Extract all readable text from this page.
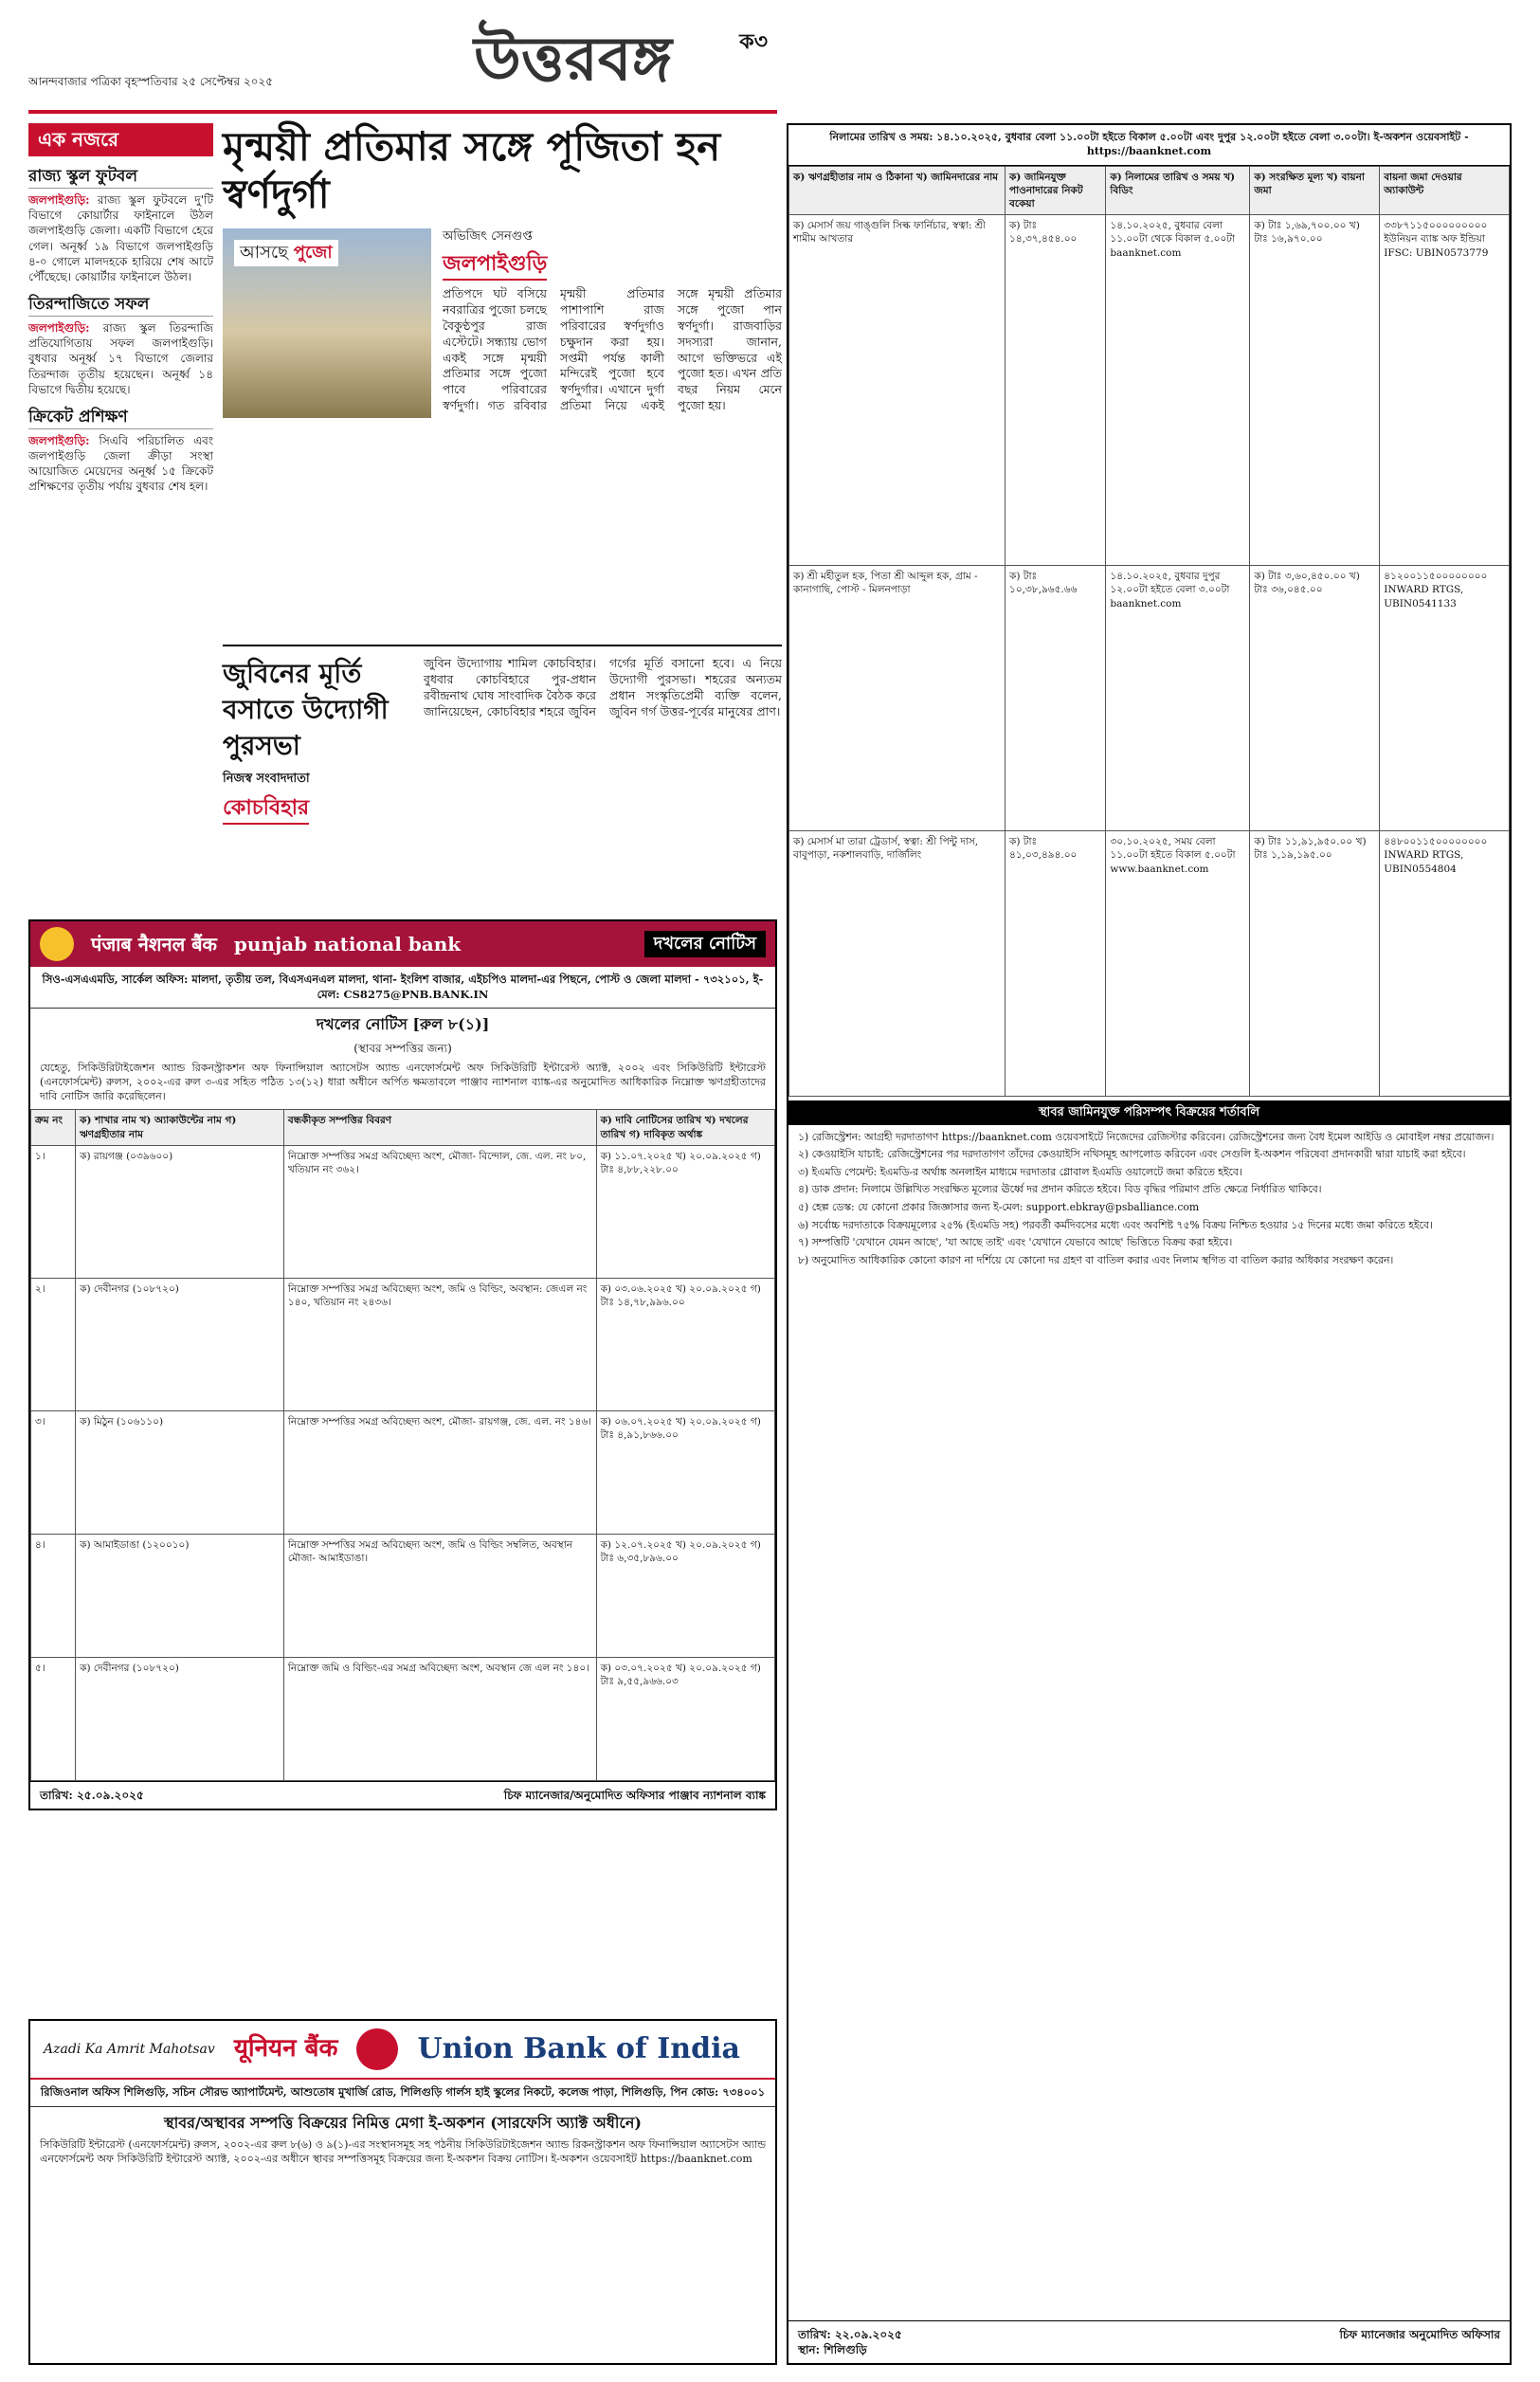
আনন্দবাজার পত্রিকা বৃহস্পতিবার ২৫ সেপ্টেম্বর ২০২৫	উত্তরবঙ্গ	ক৩
এক নজরে
রাজ্য স্কুল ফুটবল
জলপাইগুড়ি: রাজ্য স্কুল ফুটবলে দু'টি বিভাগে কোয়ার্টার ফাইনালে উঠল জলপাইগুড়ি জেলা। একটি বিভাগে হেরে গেল। অনূর্ধ্ব ১৯ বিভাগে জলপাইগুড়ি ৪-০ গোলে মালদহকে হারিয়ে শেষ আটে পৌঁছেছে। কোয়ার্টার ফাইনালে উঠল।
তিরন্দাজিতে সফল
জলপাইগুড়ি: রাজ্য স্কুল তিরন্দাজি প্রতিযোগিতায় সফল জলপাইগুড়ি। বুধবার অনূর্ধ্ব ১৭ বিভাগে জেলার তিরন্দাজ তৃতীয় হয়েছেন। অনূর্ধ্ব ১৪ বিভাগে দ্বিতীয় হয়েছে।
ক্রিকেট প্রশিক্ষণ
জলপাইগুড়ি: সিএবি পরিচালিত এবং জলপাইগুড়ি জেলা ক্রীড়া সংস্থা আয়োজিত মেয়েদের অনূর্ধ্ব ১৫ ক্রিকেট প্রশিক্ষণের তৃতীয় পর্যায় বুধবার শেষ হল।
মৃন্ময়ী প্রতিমার সঙ্গে পূজিতা হন স্বর্ণদুর্গা
আসছে পুজো
অভিজিৎ সেনগুপ্ত
জলপাইগুড়ি
প্রতিপদে ঘট বসিয়ে নবরাত্রির পুজো চলছে বৈকুণ্ঠপুর রাজ এস্টেটে। সন্ধ্যায় ভোগ একই সঙ্গে মৃন্ময়ী প্রতিমার সঙ্গে পুজো পাবে পরিবারের স্বর্ণদুর্গা। গত রবিবার মৃন্ময়ী প্রতিমার পাশাপাশি রাজ পরিবারের স্বর্ণদুর্গাও চক্ষুদান করা হয়। সপ্তমী পর্যন্ত কালী মন্দিরেই পুজো হবে স্বর্ণদুর্গার। এখানে দুর্গা প্রতিমা নিয়ে একই সঙ্গে মৃন্ময়ী প্রতিমার সঙ্গে পুজো পান স্বর্ণদুর্গা। রাজবাড়ির সদস্যরা জানান, আগে ভক্তিভরে এই পুজো হত। এখন প্রতি বছর নিয়ম মেনে পুজো হয়।
জুবিনের মূর্তি বসাতে উদ্যোগী পুরসভা
নিজস্ব সংবাদদাতা
কোচবিহার
জুবিন উদ্যোগায় শামিল কোচবিহার। বুধবার কোচবিহারে পুর-প্রধান রবীন্দ্রনাথ ঘোষ সাংবাদিক বৈঠক করে জানিয়েছেন, কোচবিহার শহরে জুবিন গর্গের মূর্তি বসানো হবে। এ নিয়ে উদ্যোগী পুরসভা। শহরের অন্যতম প্রধান সংস্কৃতিপ্রেমী ব্যক্তি বলেন, জুবিন গর্গ উত্তর-পূর্বের মানুষের প্রাণ।
पंजाब नैशनल बैंक punjab national bank	দখলের নোটিস
সিও-এসএএমডি, সার্কেল অফিস: মালদা, তৃতীয় তল, বিএসএনএল মালদা, থানা- ইংলিশ বাজার, এইচপিও মালদা-এর পিছনে, পোস্ট ও জেলা মালদা - ৭৩২১০১, ই-মেল: CS8275@PNB.BANK.IN
দখলের নোটিস [রুল ৮(১)]
(স্থাবর সম্পত্তির জন্য)
যেহেতু, সিকিউরিটাইজেশন অ্যান্ড রিকনস্ট্রাকশন অফ ফিনান্সিয়াল অ্যাসেটস অ্যান্ড এনফোর্সমেন্ট অফ সিকিউরিটি ইন্টারেস্ট অ্যাক্ট, ২০০২ এবং সিকিউরিটি ইন্টারেস্ট (এনফোর্সমেন্ট) রুলস, ২০০২-এর রুল ৩-এর সহিত পঠিত ১৩(১২) ধারা অধীনে অর্পিত ক্ষমতাবলে পাঞ্জাব ন্যাশনাল ব্যাঙ্ক-এর অনুমোদিত আধিকারিক নিম্নোক্ত ঋণগ্রহীতাদের দাবি নোটিস জারি করেছিলেন।
ক্রম নং	ক) শাখার নাম খ) অ্যাকাউন্টের নাম গ) ঋণগ্রহীতার নাম	বন্ধকীকৃত সম্পত্তির বিবরণ	ক) দাবি নোটিসের তারিখ খ) দখলের তারিখ গ) দাবিকৃত অর্থাঙ্ক
১।	ক) রায়গঞ্জ (০৩৯৬০০)	নিম্নোক্ত সম্পত্তির সমগ্র অবিচ্ছেদ্য অংশ, মৌজা- বিন্দোল, জে. এল. নং ৮০, খতিয়ান নং ৩৬২।	ক) ১১.০৭.২০২৫ খ) ২০.০৯.২০২৫ গ) টাঃ ৪,৮৮,২২৮.০০
২।	ক) দেবীনগর (১০৮৭২০)	নিম্নোক্ত সম্পত্তির সমগ্র অবিচ্ছেদ্য অংশ, জমি ও বিল্ডিং, অবস্থান: জেএল নং ১৪০, খতিয়ান নং ২৪৩৬।	ক) ০৩.০৬.২০২৫ খ) ২০.০৯.২০২৫ গ) টাঃ ১৪,৭৮,৯৯৬.০০
৩।	ক) মিঠুন (১০৬১১০)	নিম্নোক্ত সম্পত্তির সমগ্র অবিচ্ছেদ্য অংশ, মৌজা- রায়গঞ্জ, জে. এল. নং ১৪৬।	ক) ০৬.০৭.২০২৫ খ) ২০.০৯.২০২৫ গ) টাঃ ৪,৯১,৮৬৬.০০
৪।	ক) আমাইডাঙা (১২০০১০)	নিম্নোক্ত সম্পত্তির সমগ্র অবিচ্ছেদ্য অংশ, জমি ও বিল্ডিং সম্বলিত, অবস্থান মৌজা- আমাইডাঙা।	ক) ১২.০৭.২০২৫ খ) ২০.০৯.২০২৫ গ) টাঃ ৬,৩৫,৮৯৬.০০
৫।	ক) দেবীনগর (১০৮৭২০)	নিম্নোক্ত জমি ও বিল্ডিং-এর সমগ্র অবিচ্ছেদ্য অংশ, অবস্থান জে এল নং ১৪০।	ক) ০৩.০৭.২০২৫ খ) ২০.০৯.২০২৫ গ) টাঃ ৯,৫৫,৯৬৬.০৩
তারিখ: ২৫.০৯.২০২৫	চিফ ম্যানেজার/অনুমোদিত অফিসার পাঞ্জাব ন্যাশনাল ব্যাঙ্ক
Azadi Ka Amrit Mahotsav यूनियन बैंक	Union Bank of India
রিজিওনাল অফিস শিলিগুড়ি, সচিন সৌরভ অ্যাপার্টমেন্ট, আশুতোষ মুখার্জি রোড, শিলিগুড়ি গার্লস হাই স্কুলের নিকটে, কলেজ পাড়া, শিলিগুড়ি, পিন কোড: ৭৩৪০০১
স্থাবর/অস্থাবর সম্পত্তি বিক্রয়ের নিমিত্ত মেগা ই-অকশন (সারফেসি অ্যাক্ট অধীনে)
সিকিউরিটি ইন্টারেস্ট (এনফোর্সমেন্ট) রুলস, ২০০২-এর রুল ৮(৬) ও ৯(১)-এর সংস্থানসমূহ সহ পঠনীয় সিকিউরিটাইজেশন অ্যান্ড রিকনস্ট্রাকশন অফ ফিনান্সিয়াল অ্যাসেটস অ্যান্ড এনফোর্সমেন্ট অফ সিকিউরিটি ইন্টারেস্ট অ্যাক্ট, ২০০২-এর অধীনে স্থাবর সম্পত্তিসমূহ বিক্রয়ের জন্য ই-অকশন বিক্রয় নোটিস। ই-অকশন ওয়েবসাইট https://baanknet.com
নিলামের তারিখ ও সময়: ১৪.১০.২০২৫, বুধবার বেলা ১১.০০টা হইতে বিকাল ৫.০০টা এবং দুপুর ১২.০০টা হইতে বেলা ৩.০০টা। ই-অকশন ওয়েবসাইট - https://baanknet.com
ক) ঋণগ্রহীতার নাম ও ঠিকানা খ) জামিনদারের নাম	ক) জামিনযুক্ত পাওনাদারের নিকট বকেয়া	ক) নিলামের তারিখ ও সময় খ) বিডিং	ক) সংরক্ষিত মূল্য খ) বায়না জমা	বায়না জমা দেওয়ার অ্যাকাউন্ট
ক) মেসার্স জয় গাঙ্গুলি সিল্ক ফার্নিচার, স্বত্বা: শ্রী শামীম আখতার	ক) টাঃ ১৪,৩৭,৪৫৪.০০	১৪.১০.২০২৫, বুধবার বেলা ১১.০০টা থেকে বিকাল ৫.০০টা baanknet.com	ক) টাঃ ১,৬৯,৭০০.০০ খ) টাঃ ১৬,৯৭০.০০	৩৩৮৭১১৫০০০০০০০০০ ইউনিয়ন ব্যাঙ্ক অফ ইন্ডিয়া IFSC: UBIN0573779
ক) শ্রী মহীতুল হক, পিতা শ্রী আব্দুল হক, গ্রাম - কানাগাছি, পোস্ট - মিলনপাড়া	ক) টাঃ ১০,৩৮,৯৬৫.৬৬	১৪.১০.২০২৫, বুধবার দুপুর ১২.০০টা হইতে বেলা ৩.০০টা baanknet.com	ক) টাঃ ৩,৬০,৪৫০.০০ খ) টাঃ ৩৬,০৪৫.০০	৪১২০০১১৫০০০০০০০০ INWARD RTGS, UBIN0541133
ক) মেসার্স মা তারা ট্রেডার্স, স্বত্বা: শ্রী পিন্টু দাস, বাবুপাড়া, নকশালবাড়ি, দার্জিলিং	ক) টাঃ ৪১,০৩,৪৯৪.০০	৩০.১০.২০২৫, সময় বেলা ১১.০০টা হইতে বিকাল ৫.০০টা www.baanknet.com	ক) টাঃ ১১,৯১,৯৫০.০০ খ) টাঃ ১,১৯,১৯৫.০০	৪৪৮০০১১৫০০০০০০০০ INWARD RTGS, UBIN0554804
স্থাবর জামিনযুক্ত পরিসম্পৎ বিক্রয়ের শর্তাবলি

১) রেজিস্ট্রেশন: আগ্রহী দরদাতাগণ https://baanknet.com ওয়েবসাইটে নিজেদের রেজিস্টার করিবেন। রেজিস্ট্রেশনের জন্য বৈধ ইমেল আইডি ও মোবাইল নম্বর প্রয়োজন।

২) কেওয়াইসি যাচাই: রেজিস্ট্রেশনের পর দরদাতাগণ তাঁদের কেওয়াইসি নথিসমূহ আপলোড করিবেন এবং সেগুলি ই-অকশন পরিষেবা প্রদানকারী দ্বারা যাচাই করা হইবে।

৩) ইএমডি পেমেন্ট: ইএমডি-র অর্থাঙ্ক অনলাইন মাধ্যমে দরদাতার গ্লোবাল ইএমডি ওয়ালেটে জমা করিতে হইবে।

৪) ডাক প্রদান: নিলামে উল্লিখিত সংরক্ষিত মূল্যের ঊর্ধ্বে দর প্রদান করিতে হইবে। বিড বৃদ্ধির পরিমাণ প্রতি ক্ষেত্রে নির্ধারিত থাকিবে।

৫) হেল্প ডেস্ক: যে কোনো প্রকার জিজ্ঞাসার জন্য ই-মেল: support.ebkray@psballiance.com

৬) সর্বোচ্চ দরদাতাকে বিক্রয়মূল্যের ২৫% (ইএমডি সহ) পরবর্তী কর্মদিবসের মধ্যে এবং অবশিষ্ট ৭৫% বিক্রয় নিশ্চিত হওয়ার ১৫ দিনের মধ্যে জমা করিতে হইবে।

৭) সম্পত্তিটি 'যেখানে যেমন আছে', 'যা আছে তাই' এবং 'যেখানে যেভাবে আছে' ভিত্তিতে বিক্রয় করা হইবে।

৮) অনুমোদিত আধিকারিক কোনো কারণ না দর্শিয়ে যে কোনো দর গ্রহণ বা বাতিল করার এবং নিলাম স্থগিত বা বাতিল করার অধিকার সংরক্ষণ করেন।

তারিখ: ২২.০৯.২০২৫
স্থান: শিলিগুড়ি
চিফ ম্যানেজার অনুমোদিত অফিসার
